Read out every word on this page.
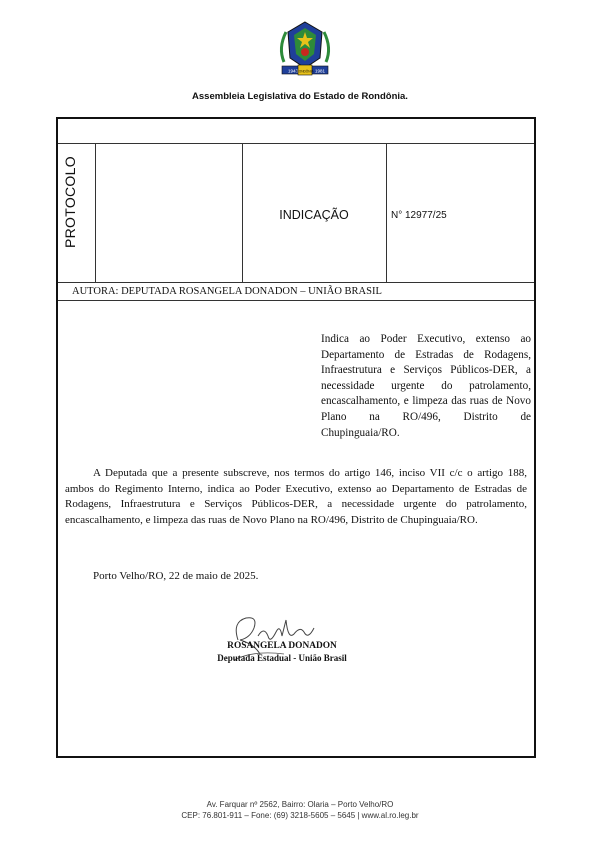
1943
RONDÔNIA 1981
Assembleia Legislativa do Estado de Rondônia.
PROTOCOLO	INDICAÇÃO	N° 12977/25
AUTORA: DEPUTADA ROSANGELA DONADON – UNIÃO BRASIL
Indica ao Poder Executivo, extenso ao Departamento de Estradas de Rodagens, Infraestrutura e Serviços Públicos-DER, a necessidade urgente do patrolamento, encascalhamento, e limpeza das ruas de Novo Plano na RO/496, Distrito de Chupinguaia/RO.
A Deputada que a presente subscreve, nos termos do artigo 146, inciso VII c/c o artigo 188, ambos do Regimento Interno, indica ao Poder Executivo, extenso ao Departamento de Estradas de Rodagens, Infraestrutura e Serviços Públicos-DER, a necessidade urgente do patrolamento, encascalhamento, e limpeza das ruas de Novo Plano na RO/496, Distrito de Chupinguaia/RO.
Porto Velho/RO, 22 de maio de 2025.
ROSANGELA DONADON
Deputada Estadual - União Brasil
Av. Farquar nº 2562, Bairro: Olaria – Porto Velho/RO
CEP: 76.801-911 – Fone: (69) 3218-5605 – 5645 | www.al.ro.leg.br
